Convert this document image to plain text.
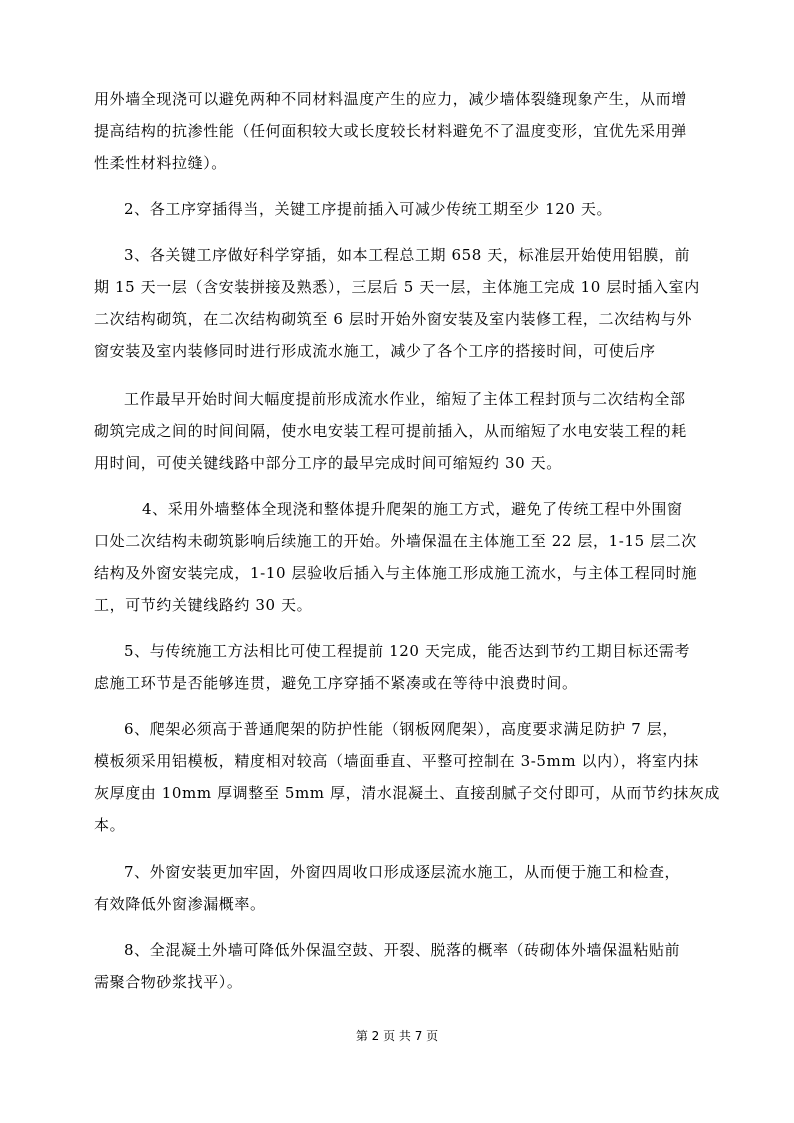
用外墙全现浇可以避免两种不同材料温度产生的应力，减少墙体裂缝现象产生，从而增
提高结构的抗渗性能（任何面积较大或长度较长材料避免不了温度变形，宜优先采用弹
性柔性材料拉缝）。
2、各工序穿插得当，关键工序提前插入可减少传统工期至少 120 天。
3、各关键工序做好科学穿插，如本工程总工期 658 天，标准层开始使用铝膜，前
期 15 天一层（含安装拼接及熟悉），三层后 5 天一层，主体施工完成 10 层时插入室内
二次结构砌筑，在二次结构砌筑至 6 层时开始外窗安装及室内装修工程，二次结构与外
窗安装及室内装修同时进行形成流水施工，减少了各个工序的搭接时间，可使后序
工作最早开始时间大幅度提前形成流水作业，缩短了主体工程封顶与二次结构全部
砌筑完成之间的时间间隔，使水电安装工程可提前插入，从而缩短了水电安装工程的耗
用时间，可使关键线路中部分工序的最早完成时间可缩短约 30 天。
4、采用外墙整体全现浇和整体提升爬架的施工方式，避免了传统工程中外围窗
口处二次结构未砌筑影响后续施工的开始。外墙保温在主体施工至 22 层，1-15 层二次
结构及外窗安装完成，1-10 层验收后插入与主体施工形成施工流水，与主体工程同时施
工，可节约关键线路约 30 天。
5、与传统施工方法相比可使工程提前 120 天完成，能否达到节约工期目标还需考
虑施工环节是否能够连贯，避免工序穿插不紧凑或在等待中浪费时间。
6、爬架必须高于普通爬架的防护性能（钢板网爬架），高度要求满足防护 7 层，
模板须采用铝模板，精度相对较高（墙面垂直、平整可控制在 3-5mm 以内），将室内抹
灰厚度由 10mm 厚调整至 5mm 厚，清水混凝土、直接刮腻子交付即可，从而节约抹灰成
本。
7、外窗安装更加牢固，外窗四周收口形成逐层流水施工，从而便于施工和检查，
有效降低外窗渗漏概率。
8、全混凝土外墙可降低外保温空鼓、开裂、脱落的概率（砖砌体外墙保温粘贴前
需聚合物砂浆找平）。
第 2 页 共 7 页
